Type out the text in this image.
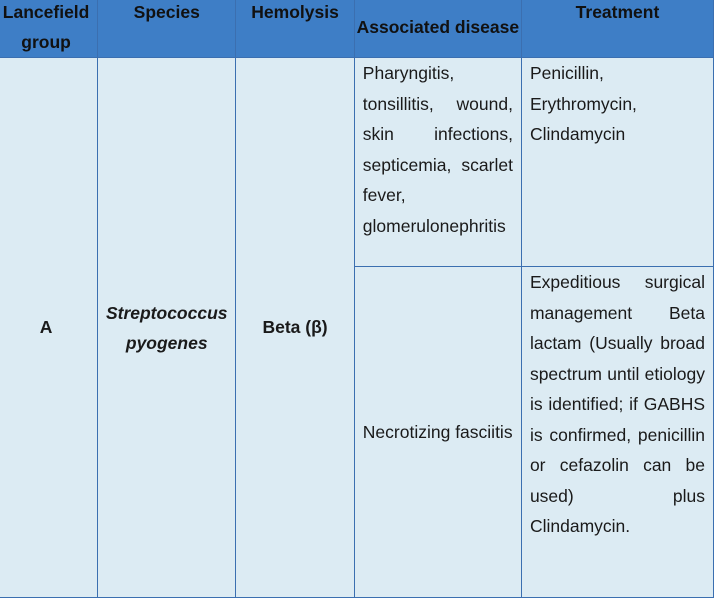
Lancefield group	Species	Hemolysis	Associated disease	Treatment
A	Streptococcus pyogenes	Beta (β)	Pharyngitis, tonsillitis, wound, skin infections, septicemia, scarlet fever, glomerulonephritis	Penicillin, Erythromycin, Clindamycin
			Necrotizing fasciitis	Expeditious surgical management Beta lactam (Usually broad spectrum until etiology is identified; if GABHS is confirmed, penicillin or cefazolin can be used) plus Clindamycin.
